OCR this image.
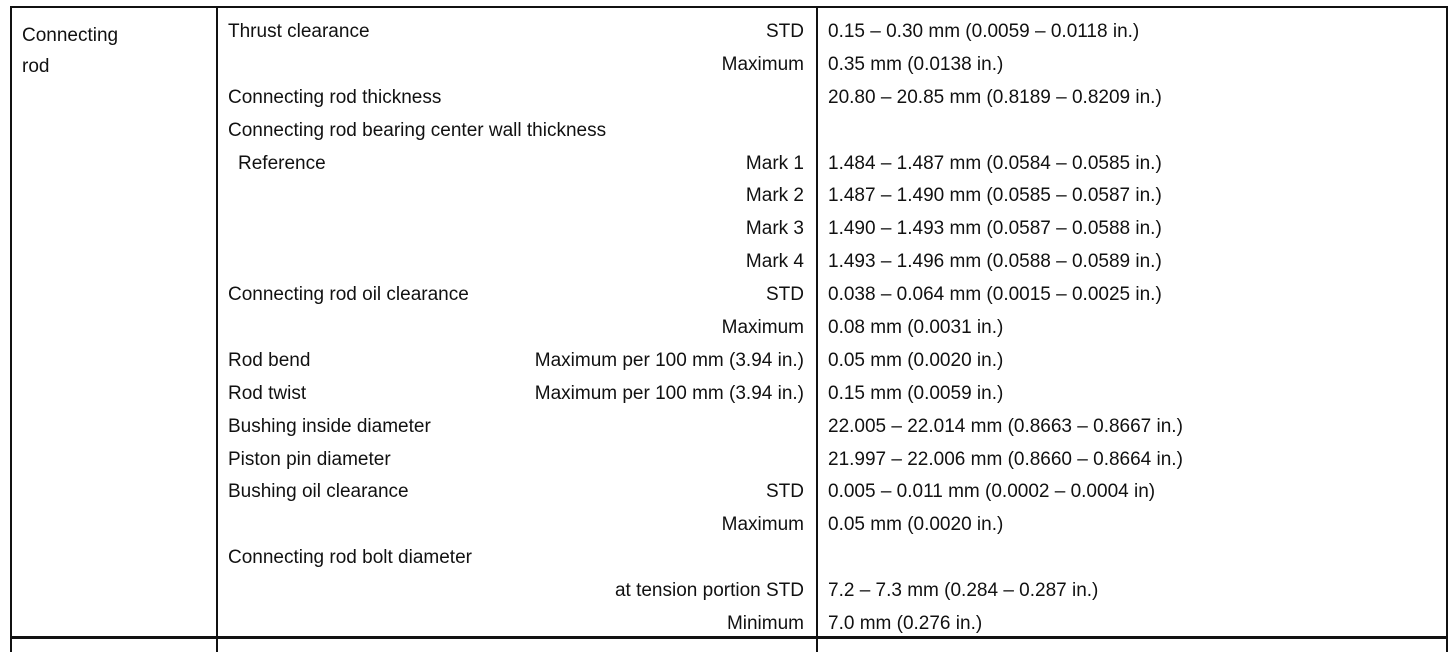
Connecting
rod
Thrust clearance	STD 0.15 – 0.30 mm (0.0059 – 0.0118 in.)
Maximum 0.35 mm (0.0138 in.)
Connecting rod thickness	20.80 – 20.85 mm (0.8189 – 0.8209 in.)
Connecting rod bearing center wall thickness
Reference	Mark 1 1.484 – 1.487 mm (0.0584 – 0.0585 in.)
Mark 2 1.487 – 1.490 mm (0.0585 – 0.0587 in.)
Mark 3 1.490 – 1.493 mm (0.0587 – 0.0588 in.)
Mark 4 1.493 – 1.496 mm (0.0588 – 0.0589 in.)
Connecting rod oil clearance	STD 0.038 – 0.064 mm (0.0015 – 0.0025 in.)
Maximum 0.08 mm (0.0031 in.)
Rod bend	Maximum per 100 mm (3.94 in.) 0.05 mm (0.0020 in.)
Rod twist	Maximum per 100 mm (3.94 in.) 0.15 mm (0.0059 in.)
Bushing inside diameter	22.005 – 22.014 mm (0.8663 – 0.8667 in.)
Piston pin diameter	21.997 – 22.006 mm (0.8660 – 0.8664 in.)
Bushing oil clearance	STD 0.005 – 0.011 mm (0.0002 – 0.0004 in)
Maximum 0.05 mm (0.0020 in.)
Connecting rod bolt diameter
at tension portion STD 7.2 – 7.3 mm (0.284 – 0.287 in.)
Minimum 7.0 mm (0.276 in.)
